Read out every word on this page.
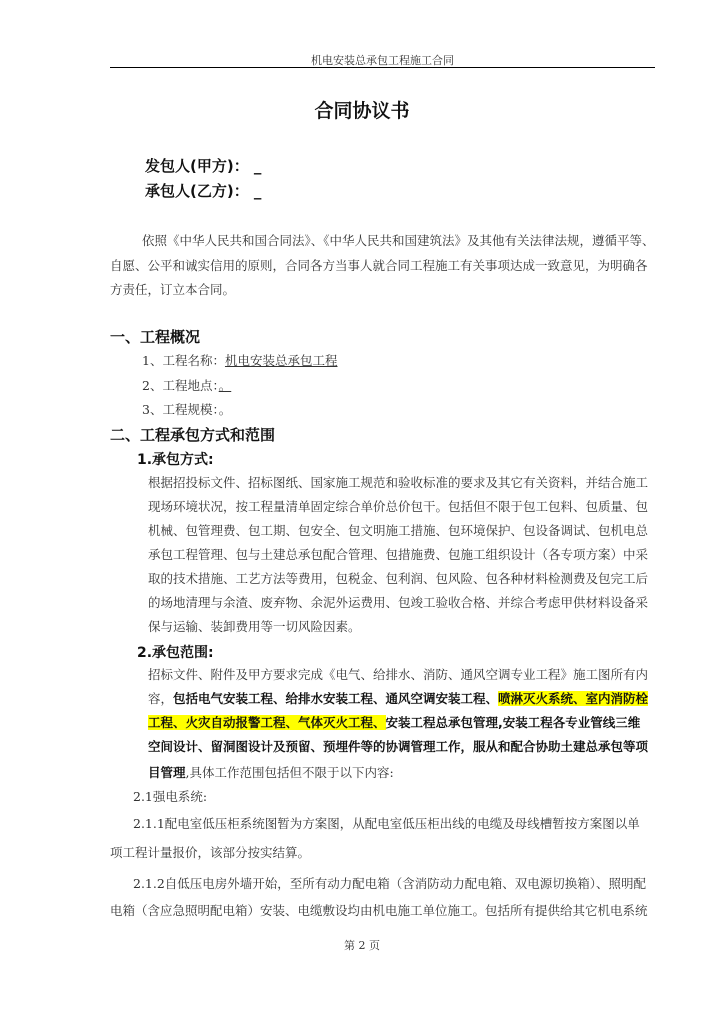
机电安装总承包工程施工合同
合同协议书
发包人(甲方)： _
承包人(乙方)： _
依照《中华人民共和国合同法》、《中华人民共和国建筑法》及其他有关法律法规，遵循平等、
自愿、公平和诚实信用的原则，合同各方当事人就合同工程施工有关事项达成一致意见，为明确各
方责任，订立本合同。
一、工程概况
1、工程名称：机电安装总承包工程
2、工程地点：。
3、工程规模：。
二、工程承包方式和范围
1.承包方式:
根据招投标文件、招标图纸、国家施工规范和验收标准的要求及其它有关资料，并结合施工
现场环境状况，按工程量清单固定综合单价总价包干。包括但不限于包工包料、包质量、包
机械、包管理费、包工期、包安全、包文明施工措施、包环境保护、包设备调试、包机电总
承包工程管理、包与土建总承包配合管理、包措施费、包施工组织设计（各专项方案）中采
取的技术措施、工艺方法等费用，包税金、包利润、包风险、包各种材料检测费及包完工后
的场地清理与余渣、废弃物、余泥外运费用、包竣工验收合格、并综合考虑甲供材料设备采
保与运输、装卸费用等一切风险因素。
2.承包范围:
招标文件、附件及甲方要求完成《电气、给排水、消防、通风空调专业工程》施工图所有内
容，包括电气安装工程、给排水安装工程、通风空调安装工程、喷淋灭火系统、室内消防栓
工程、火灾自动报警工程、气体灭火工程、安装工程总承包管理,安装工程各专业管线三维
空间设计、留洞图设计及预留、预埋件等的协调管理工作，服从和配合协助土建总承包等项
目管理,具体工作范围包括但不限于以下内容:
2.1强电系统:
2.1.1配电室低压柜系统图暂为方案图，从配电室低压柜出线的电缆及母线槽暂按方案图以单
项工程计量报价，该部分按实结算。
2.1.2自低压电房外墙开始，至所有动力配电箱（含消防动力配电箱、双电源切换箱）、照明配
电箱（含应急照明配电箱）安装、电缆敷设均由机电施工单位施工。包括所有提供给其它机电系统
第 2 页
